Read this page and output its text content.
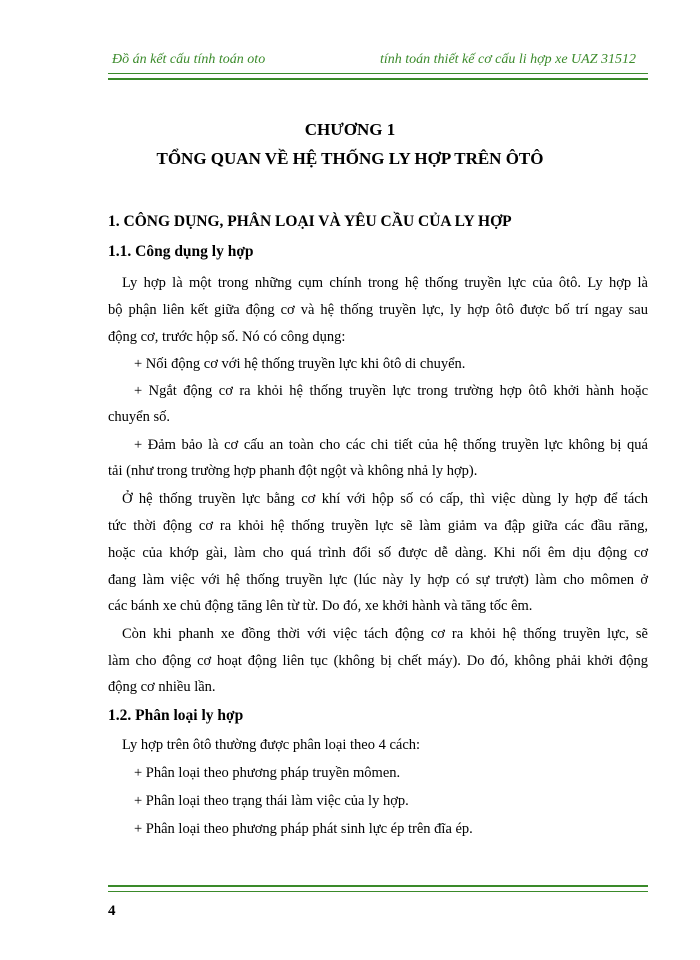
Đồ án kết cấu tính toán oto	tính toán thiết kế cơ cấu li hợp xe UAZ 31512
CHƯƠNG 1
TỔNG QUAN VỀ HỆ THỐNG LY HỢP TRÊN ÔTÔ
1. CÔNG DỤNG, PHÂN LOẠI VÀ YÊU CẦU CỦA LY HỢP
1.1. Công dụng ly hợp
Ly hợp là một trong những cụm chính trong hệ thống truyền lực của ôtô. Ly hợp là
bộ phận liên kết giữa động cơ và hệ thống truyền lực, ly hợp ôtô được bố trí ngay sau
động cơ, trước hộp số. Nó có công dụng:
+ Nối động cơ với hệ thống truyền lực khi ôtô di chuyển.
+ Ngắt động cơ ra khỏi hệ thống truyền lực trong trường hợp ôtô khởi hành hoặc
chuyển số.
+ Đảm bảo là cơ cấu an toàn cho các chi tiết của hệ thống truyền lực không bị quá
tải (như trong trường hợp phanh đột ngột và không nhả ly hợp).
Ở hệ thống truyền lực bằng cơ khí với hộp số có cấp, thì việc dùng ly hợp để tách
tức thời động cơ ra khỏi hệ thống truyền lực sẽ làm giảm va đập giữa các đầu răng,
hoặc của khớp gài, làm cho quá trình đổi số được dễ dàng. Khi nối êm dịu động cơ
đang làm việc với hệ thống truyền lực (lúc này ly hợp có sự trượt) làm cho mômen ở
các bánh xe chủ động tăng lên từ từ. Do đó, xe khởi hành và tăng tốc êm.
Còn khi phanh xe đồng thời với việc tách động cơ ra khỏi hệ thống truyền lực, sẽ
làm cho động cơ hoạt động liên tục (không bị chết máy). Do đó, không phải khởi động
động cơ nhiều lần.
1.2. Phân loại ly hợp
Ly hợp trên ôtô thường được phân loại theo 4 cách:
+ Phân loại theo phương pháp truyền mômen.
+ Phân loại theo trạng thái làm việc của ly hợp.
+ Phân loại theo phương pháp phát sinh lực ép trên đĩa ép.
4
